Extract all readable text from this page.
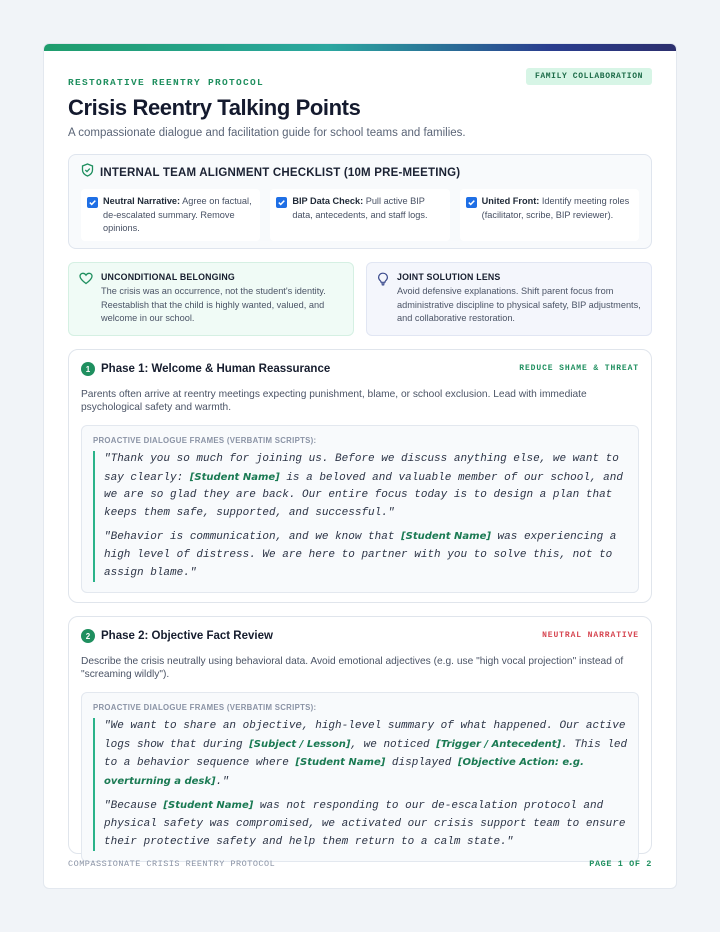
RESTORATIVE REENTRY PROTOCOL
FAMILY COLLABORATION
Crisis Reentry Talking Points
A compassionate dialogue and facilitation guide for school teams and families.
INTERNAL TEAM ALIGNMENT CHECKLIST (10M PRE-MEETING)
Neutral Narrative: Agree on factual, de-escalated summary. Remove opinions.
BIP Data Check: Pull active BIP data, antecedents, and staff logs.
United Front: Identify meeting roles (facilitator, scribe, BIP reviewer).
UNCONDITIONAL BELONGING
The crisis was an occurrence, not the student's identity. Reestablish that the child is highly wanted, valued, and welcome in our school.
JOINT SOLUTION LENS
Avoid defensive explanations. Shift parent focus from administrative discipline to physical safety, BIP adjustments, and collaborative restoration.
1 Phase 1: Welcome & Human Reassurance	REDUCE SHAME & THREAT
Parents often arrive at reentry meetings expecting punishment, blame, or school exclusion. Lead with immediate psychological safety and warmth.
PROACTIVE DIALOGUE FRAMES (VERBATIM SCRIPTS):
"Thank you so much for joining us. Before we discuss anything else, we want to say clearly: [Student Name] is a beloved and valuable member of our school, and we are so glad they are back. Our entire focus today is to design a plan that keeps them safe, supported, and successful."
"Behavior is communication, and we know that [Student Name] was experiencing a high level of distress. We are here to partner with you to solve this, not to assign blame."
2 Phase 2: Objective Fact Review	NEUTRAL NARRATIVE
Describe the crisis neutrally using behavioral data. Avoid emotional adjectives (e.g. use "high vocal projection" instead of "screaming wildly").
PROACTIVE DIALOGUE FRAMES (VERBATIM SCRIPTS):
"We want to share an objective, high-level summary of what happened. Our active logs show that during [Subject / Lesson], we noticed [Trigger / Antecedent]. This led to a behavior sequence where [Student Name] displayed [Objective Action: e.g. overturning a desk]."
"Because [Student Name] was not responding to our de-escalation protocol and physical safety was compromised, we activated our crisis support team to ensure their protective safety and help them return to a calm state."
COMPASSIONATE CRISIS REENTRY PROTOCOL	PAGE 1 OF 2
